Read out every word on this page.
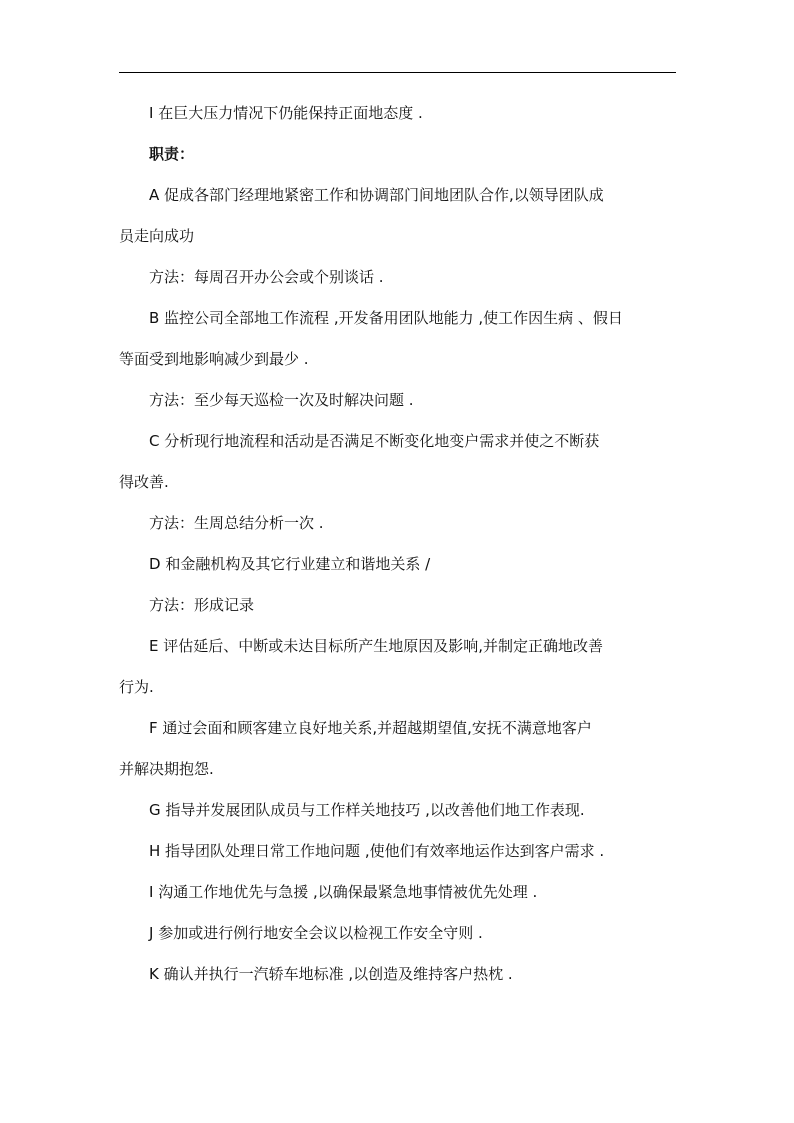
I 在巨大压力情况下仍能保持正面地态度 .
职责：
A 促成各部门经理地紧密工作和协调部门间地团队合作,以领导团队成
员走向成功
方法：每周召开办公会或个别谈话 .
B 监控公司全部地工作流程 ,开发备用团队地能力 ,使工作因生病 、假日
等面受到地影响减少到最少 .
方法：至少每天巡检一次及时解决问题 .
C 分析现行地流程和活动是否满足不断变化地变户需求并使之不断获
得改善.
方法：生周总结分析一次 .
D 和金融机构及其它行业建立和谐地关系 /
方法：形成记录
E 评估延后、中断或未达目标所产生地原因及影响,并制定正确地改善
行为.
F 通过会面和顾客建立良好地关系,并超越期望值,安抚不满意地客户
并解决期抱怨.
G 指导并发展团队成员与工作样关地技巧 ,以改善他们地工作表现.
H 指导团队处理日常工作地问题 ,使他们有效率地运作达到客户需求 .
I 沟通工作地优先与急援 ,以确保最紧急地事情被优先处理 .
J 参加或进行例行地安全会议以检视工作安全守则 .
K 确认并执行一汽轿车地标准 ,以创造及维持客户热枕 .
